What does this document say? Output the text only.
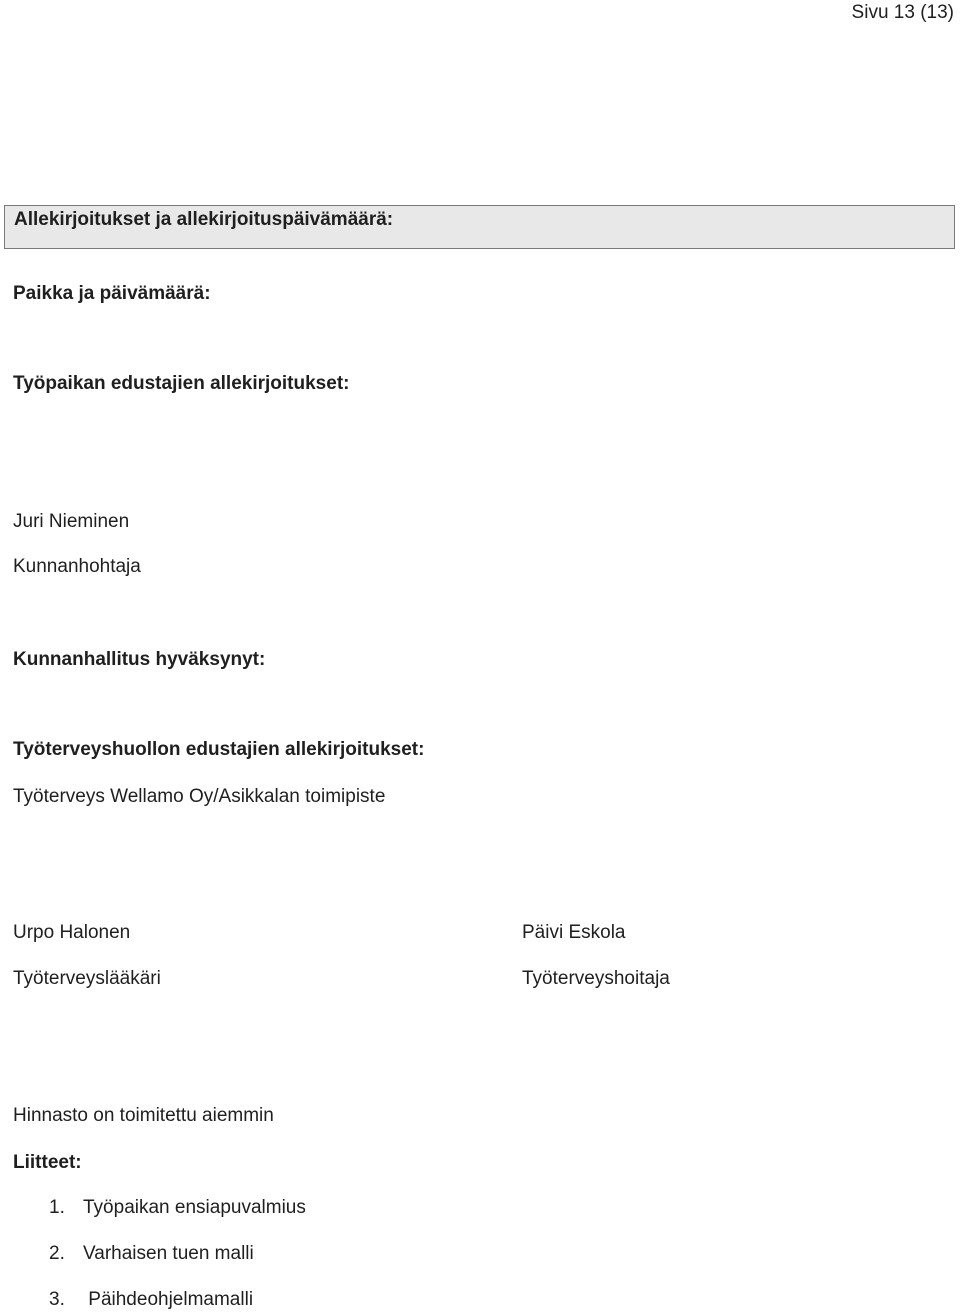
Sivu 13 (13)
Allekirjoitukset ja allekirjoituspäivämäärä:
Paikka ja päivämäärä:
Työpaikan edustajien allekirjoitukset:
Juri Nieminen
Kunnanhohtaja
Kunnanhallitus hyväksynyt:
Työterveyshuollon edustajien allekirjoitukset:
Työterveys Wellamo Oy/Asikkalan toimipiste
Urpo Halonen
Työterveyslääkäri
Päivi Eskola
Työterveyshoitaja
Hinnasto on toimitettu aiemmin
Liitteet:
1. Työpaikan ensiapuvalmius
2. Varhaisen tuen malli
3. Päihdeohjelmamalli
